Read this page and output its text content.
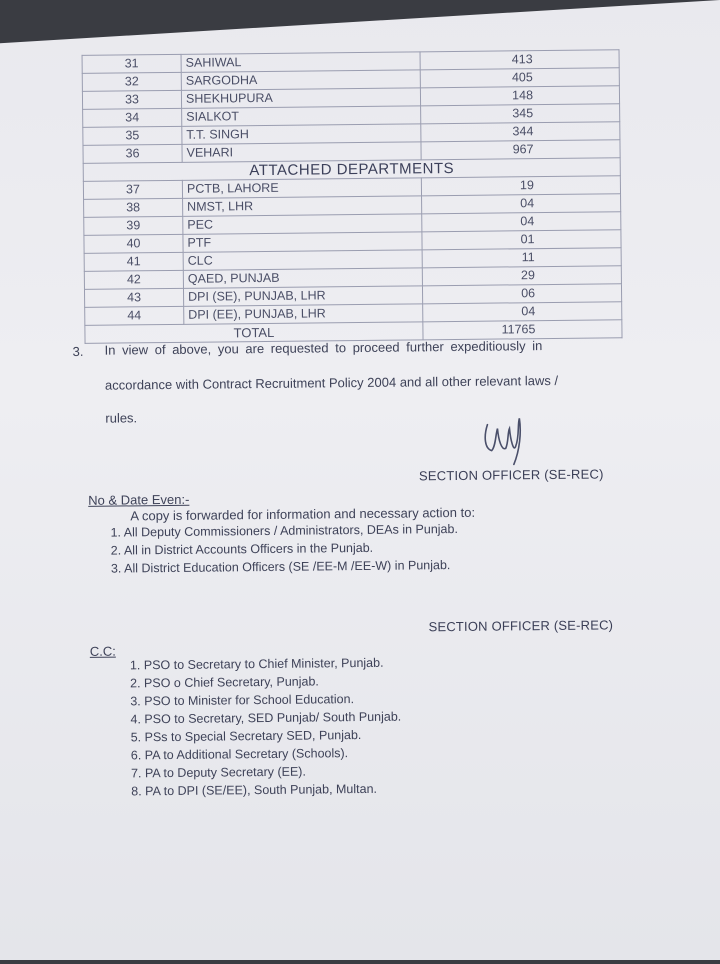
31	SAHIWAL	413
32	SARGODHA	405
33	SHEKHUPURA	148
34	SIALKOT	345
35	T.T. SINGH	344
36	VEHARI	967
ATTACHED DEPARTMENTS		
37	PCTB, LAHORE	19
38	NMST, LHR	04
39	PEC	04
40	PTF	01
41	CLC	11
42	QAED, PUNJAB	29
43	DPI (SE), PUNJAB, LHR	06
44	DPI (EE), PUNJAB, LHR	04
TOTAL		11765
3. In view of above, you are requested to proceed further expeditiously in
accordance with Contract Recruitment Policy 2004 and all other relevant laws /
rules.
SECTION OFFICER (SE-REC)
No & Date Even:-
A copy is forwarded for information and necessary action to:
1. All Deputy Commissioners / Administrators, DEAs in Punjab.
2. All in District Accounts Officers in the Punjab.
3. All District Education Officers (SE /EE-M /EE-W) in Punjab.
SECTION OFFICER (SE-REC)
C.C:
1. PSO to Secretary to Chief Minister, Punjab.
2. PSO o Chief Secretary, Punjab.
3. PSO to Minister for School Education.
4. PSO to Secretary, SED Punjab/ South Punjab.
5. PSs to Special Secretary SED, Punjab.
6. PA to Additional Secretary (Schools).
7. PA to Deputy Secretary (EE).
8. PA to DPI (SE/EE), South Punjab, Multan.
